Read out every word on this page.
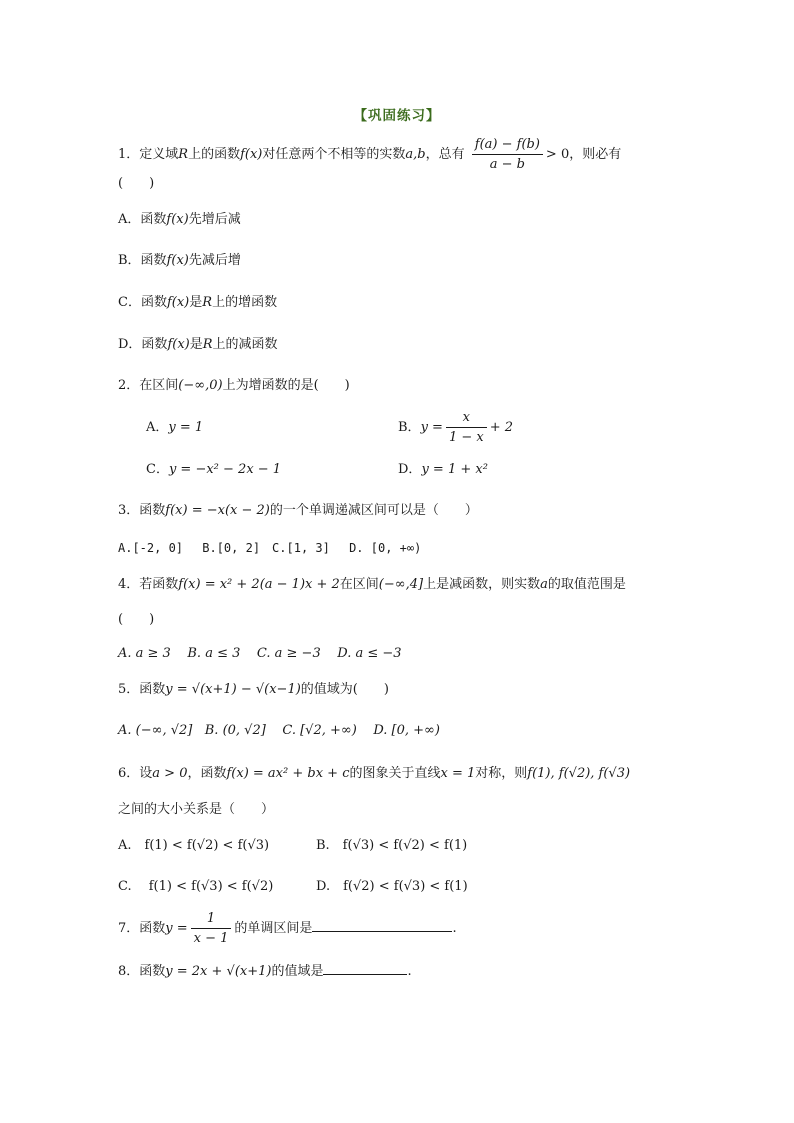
【巩固练习】
1．定义域R上的函数f(x)对任意两个不相等的实数a,b，总有 $\frac{f(a) - f(b)}{a - b} > 0$，则必有
(　　)
A．函数f(x)先增后减
B．函数f(x)先减后增
C．函数f(x)是R上的增函数
D．函数f(x)是R上的减函数
2．在区间(−∞,0)上为增函数的是(　　)
A．y = 1	B．$y = \frac{x}{1 - x} + 2$
C．y = −x² − 2x − 1	D．y = 1 + x²
3．函数f(x) = −x(x − 2)的一个单调递减区间可以是（　　）
A.[-2, 0]　 B.[0, 2]　C.[1, 3]　 D. [0, +∞)
4．若函数f(x) = x² + 2(a − 1)x + 2在区间(−∞,4]上是减函数，则实数a的取值范围是
(　　)
A. a ≥ 3 B. a ≤ 3 C. a ≥ −3 D. a ≤ −3
5．函数y = √(x+1) − √(x−1)的值域为(　　)
A. (−∞, √2] B. (0, √2] C. [√2, +∞) D. [0, +∞)
6．设a > 0，函数f(x) = ax² + bx + c的图象关于直线x = 1对称，则f(1), f(√2), f(√3)
之间的大小关系是（　　）
A.　f(1) < f(√2) < f(√3)	B.　f(√3) < f(√2) < f(1)
C.　 f(1) < f(√3) < f(√2)	D.　f(√2) < f(√3) < f(1)
7．函数$y = \frac{1}{x - 1}$ 的单调区间是	.
8．函数y = 2x + √(x+1)的值域是	.
